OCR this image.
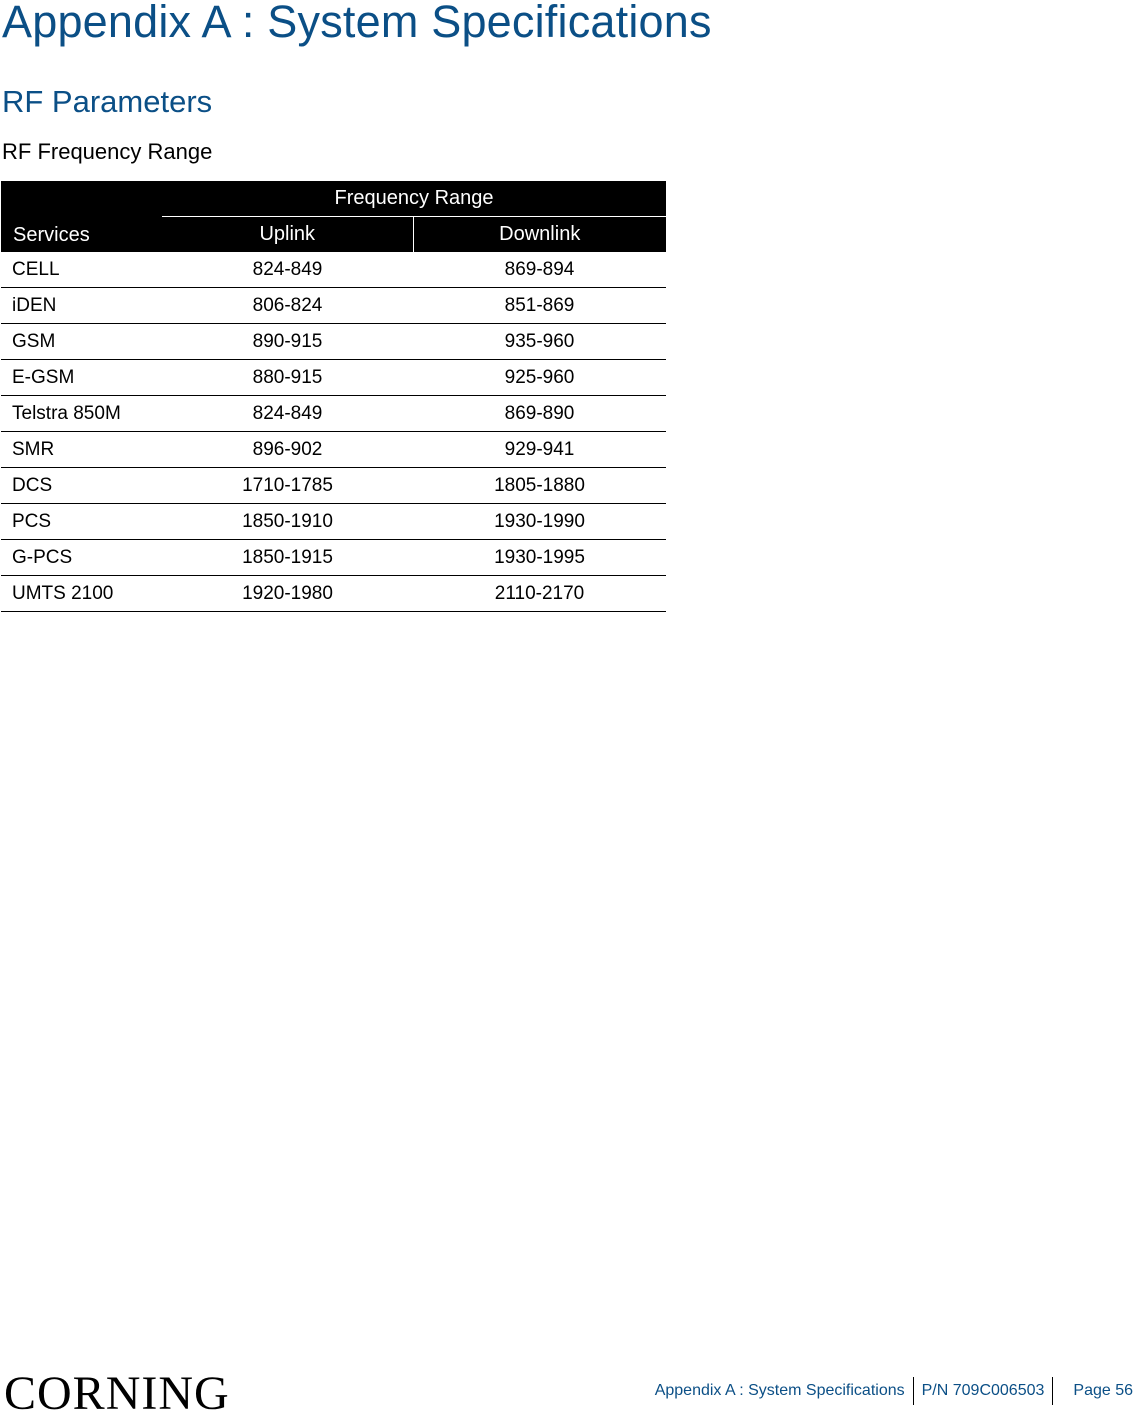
Appendix A : System Specifications
RF Parameters
RF Frequency Range
Services	Frequency Range	
	Uplink	Downlink
CELL	824-849	869-894
iDEN	806-824	851-869
GSM	890-915	935-960
E-GSM	880-915	925-960
Telstra 850M	824-849	869-890
SMR	896-902	929-941
DCS	1710-1785	1805-1880
PCS	1850-1910	1930-1990
G-PCS	1850-1915	1930-1995
UMTS 2100	1920-1980	2110-2170
CORNING	Appendix A : System Specifications P/N 709C006503 Page 56
